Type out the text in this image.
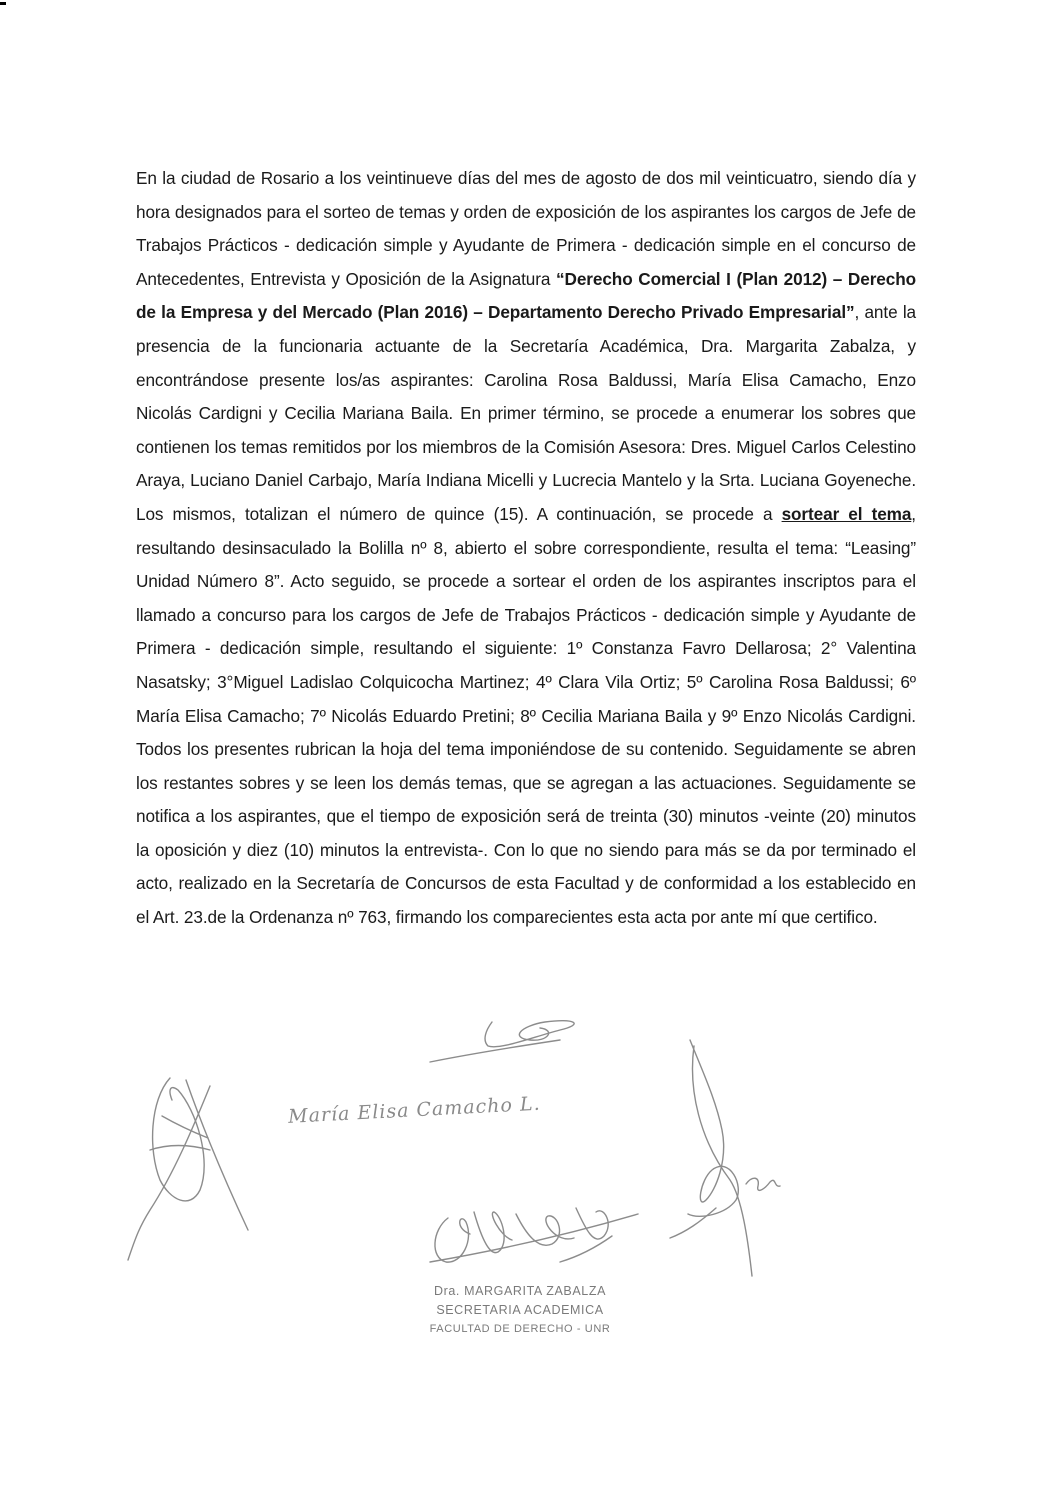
En la ciudad de Rosario a los veintinueve días del mes de agosto de dos mil veinticuatro, siendo día y hora designados para el sorteo de temas y orden de exposición de los aspirantes los cargos de Jefe de Trabajos Prácticos - dedicación simple y Ayudante de Primera - dedicación simple en el concurso de Antecedentes, Entrevista y Oposición de la Asignatura “Derecho Comercial I (Plan 2012) – Derecho de la Empresa y del Mercado (Plan 2016) – Departamento Derecho Privado Empresarial”, ante la presencia de la funcionaria actuante de la Secretaría Académica, Dra. Margarita Zabalza, y encontrándose presente los/as aspirantes: Carolina Rosa Baldussi, María Elisa Camacho, Enzo Nicolás Cardigni y Cecilia Mariana Baila. En primer término, se procede a enumerar los sobres que contienen los temas remitidos por los miembros de la Comisión Asesora: Dres. Miguel Carlos Celestino Araya, Luciano Daniel Carbajo, María Indiana Micelli y Lucrecia Mantelo y la Srta. Luciana Goyeneche. Los mismos, totalizan el número de quince (15). A continuación, se procede a sortear el tema, resultando desinsaculado la Bolilla nº 8, abierto el sobre correspondiente, resulta el tema: “Leasing” Unidad Número 8”. Acto seguido, se procede a sortear el orden de los aspirantes inscriptos para el llamado a concurso para los cargos de Jefe de Trabajos Prácticos - dedicación simple y Ayudante de Primera - dedicación simple, resultando el siguiente: 1º Constanza Favro Dellarosa; 2° Valentina Nasatsky; 3°Miguel Ladislao Colquicocha Martinez; 4º Clara Vila Ortiz; 5º Carolina Rosa Baldussi; 6º María Elisa Camacho; 7º Nicolás Eduardo Pretini; 8º Cecilia Mariana Baila y 9º Enzo Nicolás Cardigni. Todos los presentes rubrican la hoja del tema imponiéndose de su contenido. Seguidamente se abren los restantes sobres y se leen los demás temas, que se agregan a las actuaciones. Seguidamente se notifica a los aspirantes, que el tiempo de exposición será de treinta (30) minutos -veinte (20) minutos la oposición y diez (10) minutos la entrevista-. Con lo que no siendo para más se da por terminado el acto, realizado en la Secretaría de Concursos de esta Facultad y de conformidad a los establecido en el Art. 23.de la Ordenanza nº 763, firmando los comparecientes esta acta por ante mí que certifico.
María Elisa Camacho L.
Dra. MARGARITA ZABALZA
SECRETARIA ACADEMICA
FACULTAD DE DERECHO - UNR
